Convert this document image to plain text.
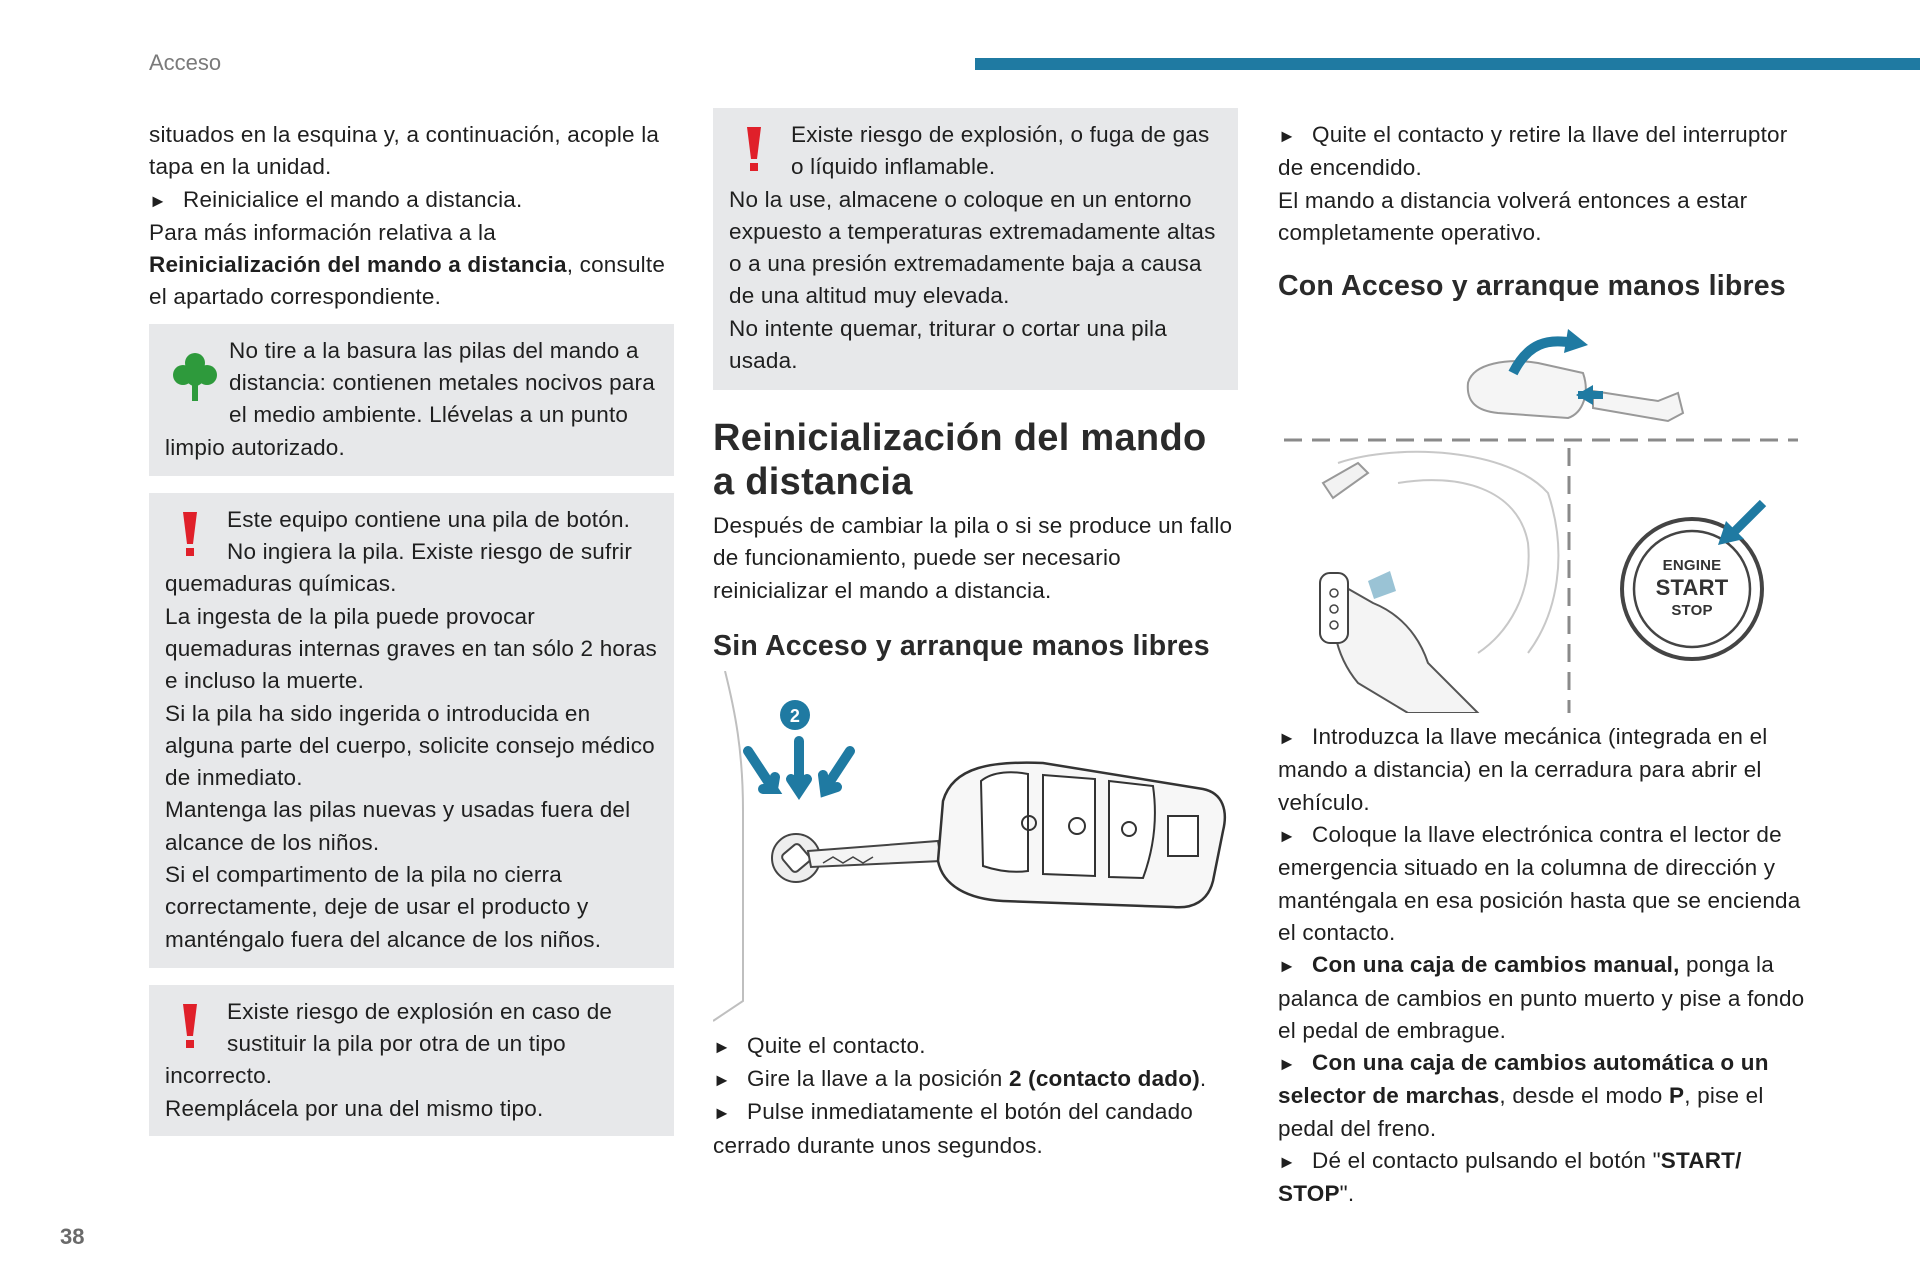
Acceso

situados en la esquina y, a continuación, acople la tapa en la unidad.

► Reinicialice el mando a distancia.

Para más información relativa a la
Reinicialización del mando a distancia, consulte el apartado correspondiente.

No tire a la basura las pilas del mando a distancia: contienen metales nocivos para el medio ambiente. Llévelas a un punto limpio autorizado.

Este equipo contiene una pila de botón. No ingiera la pila. Existe riesgo de sufrir quemaduras químicas.

La ingesta de la pila puede provocar quemaduras internas graves en tan sólo 2 horas e incluso la muerte.

Si la pila ha sido ingerida o introducida en alguna parte del cuerpo, solicite consejo médico de inmediato.

Mantenga las pilas nuevas y usadas fuera del alcance de los niños.

Si el compartimento de la pila no cierra correctamente, deje de usar el producto y manténgalo fuera del alcance de los niños.

Existe riesgo de explosión en caso de sustituir la pila por otra de un tipo incorrecto.

Reemplácela por una del mismo tipo.

Existe riesgo de explosión, o fuga de gas o líquido inflamable.

No la use, almacene o coloque en un entorno expuesto a temperaturas extremadamente altas o a una presión extremadamente baja a causa de una altitud muy elevada.

No intente quemar, triturar o cortar una pila usada.

Reinicialización del mando a distancia

Después de cambiar la pila o si se produce un fallo de funcionamiento, puede ser necesario reinicializar el mando a distancia.

Sin Acceso y arranque manos libres
2

► Quite el contacto.

► Gire la llave a la posición 2 (contacto dado).

► Pulse inmediatamente el botón del candado cerrado durante unos segundos.

► Quite el contacto y retire la llave del interruptor de encendido.

El mando a distancia volverá entonces a estar completamente operativo.

Con Acceso y arranque manos libres
ENGINE
START
STOP

► Introduzca la llave mecánica (integrada en el mando a distancia) en la cerradura para abrir el vehículo.

► Coloque la llave electrónica contra el lector de emergencia situado en la columna de dirección y manténgala en esa posición hasta que se encienda el contacto.

► Con una caja de cambios manual, ponga la palanca de cambios en punto muerto y pise a fondo el pedal de embrague.

► Con una caja de cambios automática o un selector de marchas, desde el modo P, pise el pedal del freno.

► Dé el contacto pulsando el botón "START/ STOP".

38
